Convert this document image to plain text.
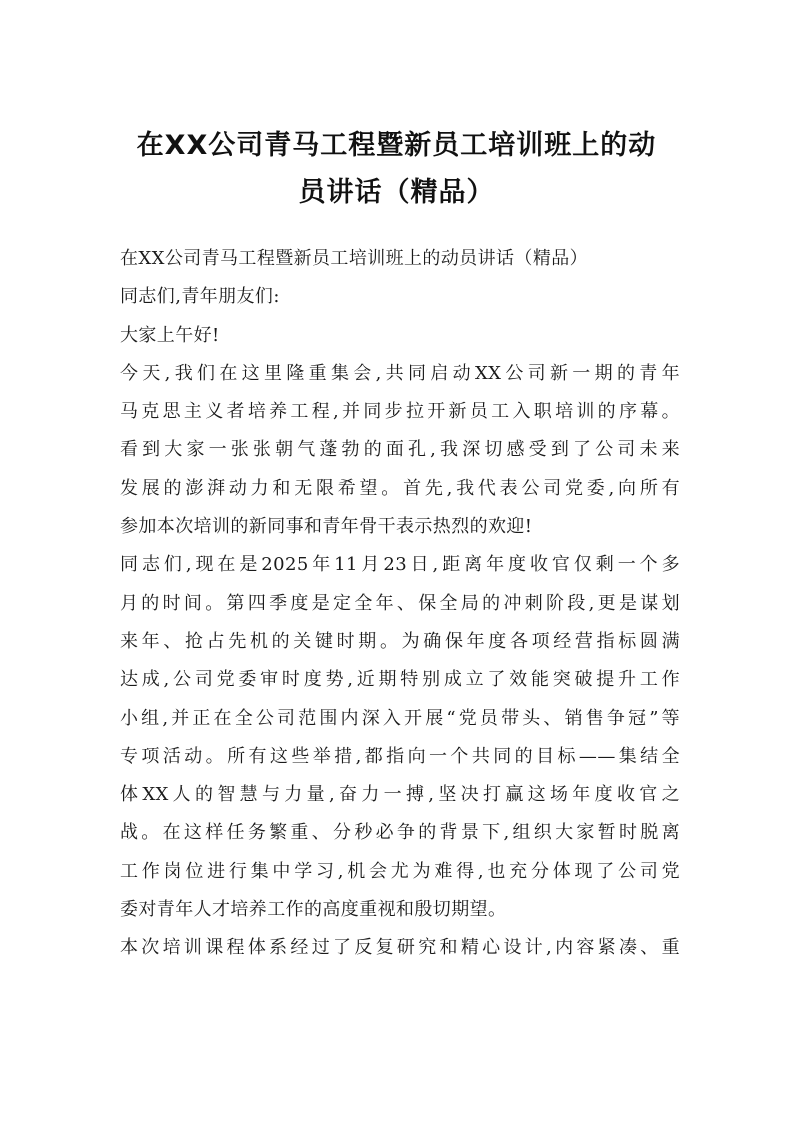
在XX公司青马工程暨新员工培训班上的动
员讲话（精品）
在XX公司青马工程暨新员工培训班上的动员讲话（精品）
同志们,青年朋友们:
大家上午好!
今天,我们在这里隆重集会,共同启动XX公司新一期的青年
马克思主义者培养工程,并同步拉开新员工入职培训的序幕。
看到大家一张张朝气蓬勃的面孔,我深切感受到了公司未来
发展的澎湃动力和无限希望。首先,我代表公司党委,向所有
参加本次培训的新同事和青年骨干表示热烈的欢迎!
同志们,现在是2025年11月23日,距离年度收官仅剩一个多
月的时间。第四季度是定全年、保全局的冲刺阶段,更是谋划
来年、抢占先机的关键时期。为确保年度各项经营指标圆满
达成,公司党委审时度势,近期特别成立了效能突破提升工作
小组,并正在全公司范围内深入开展“党员带头、销售争冠”等
专项活动。所有这些举措,都指向一个共同的目标——集结全
体XX人的智慧与力量,奋力一搏,坚决打赢这场年度收官之
战。在这样任务繁重、分秒必争的背景下,组织大家暂时脱离
工作岗位进行集中学习,机会尤为难得,也充分体现了公司党
委对青年人才培养工作的高度重视和殷切期望。
本次培训课程体系经过了反复研究和精心设计,内容紧凑、重
